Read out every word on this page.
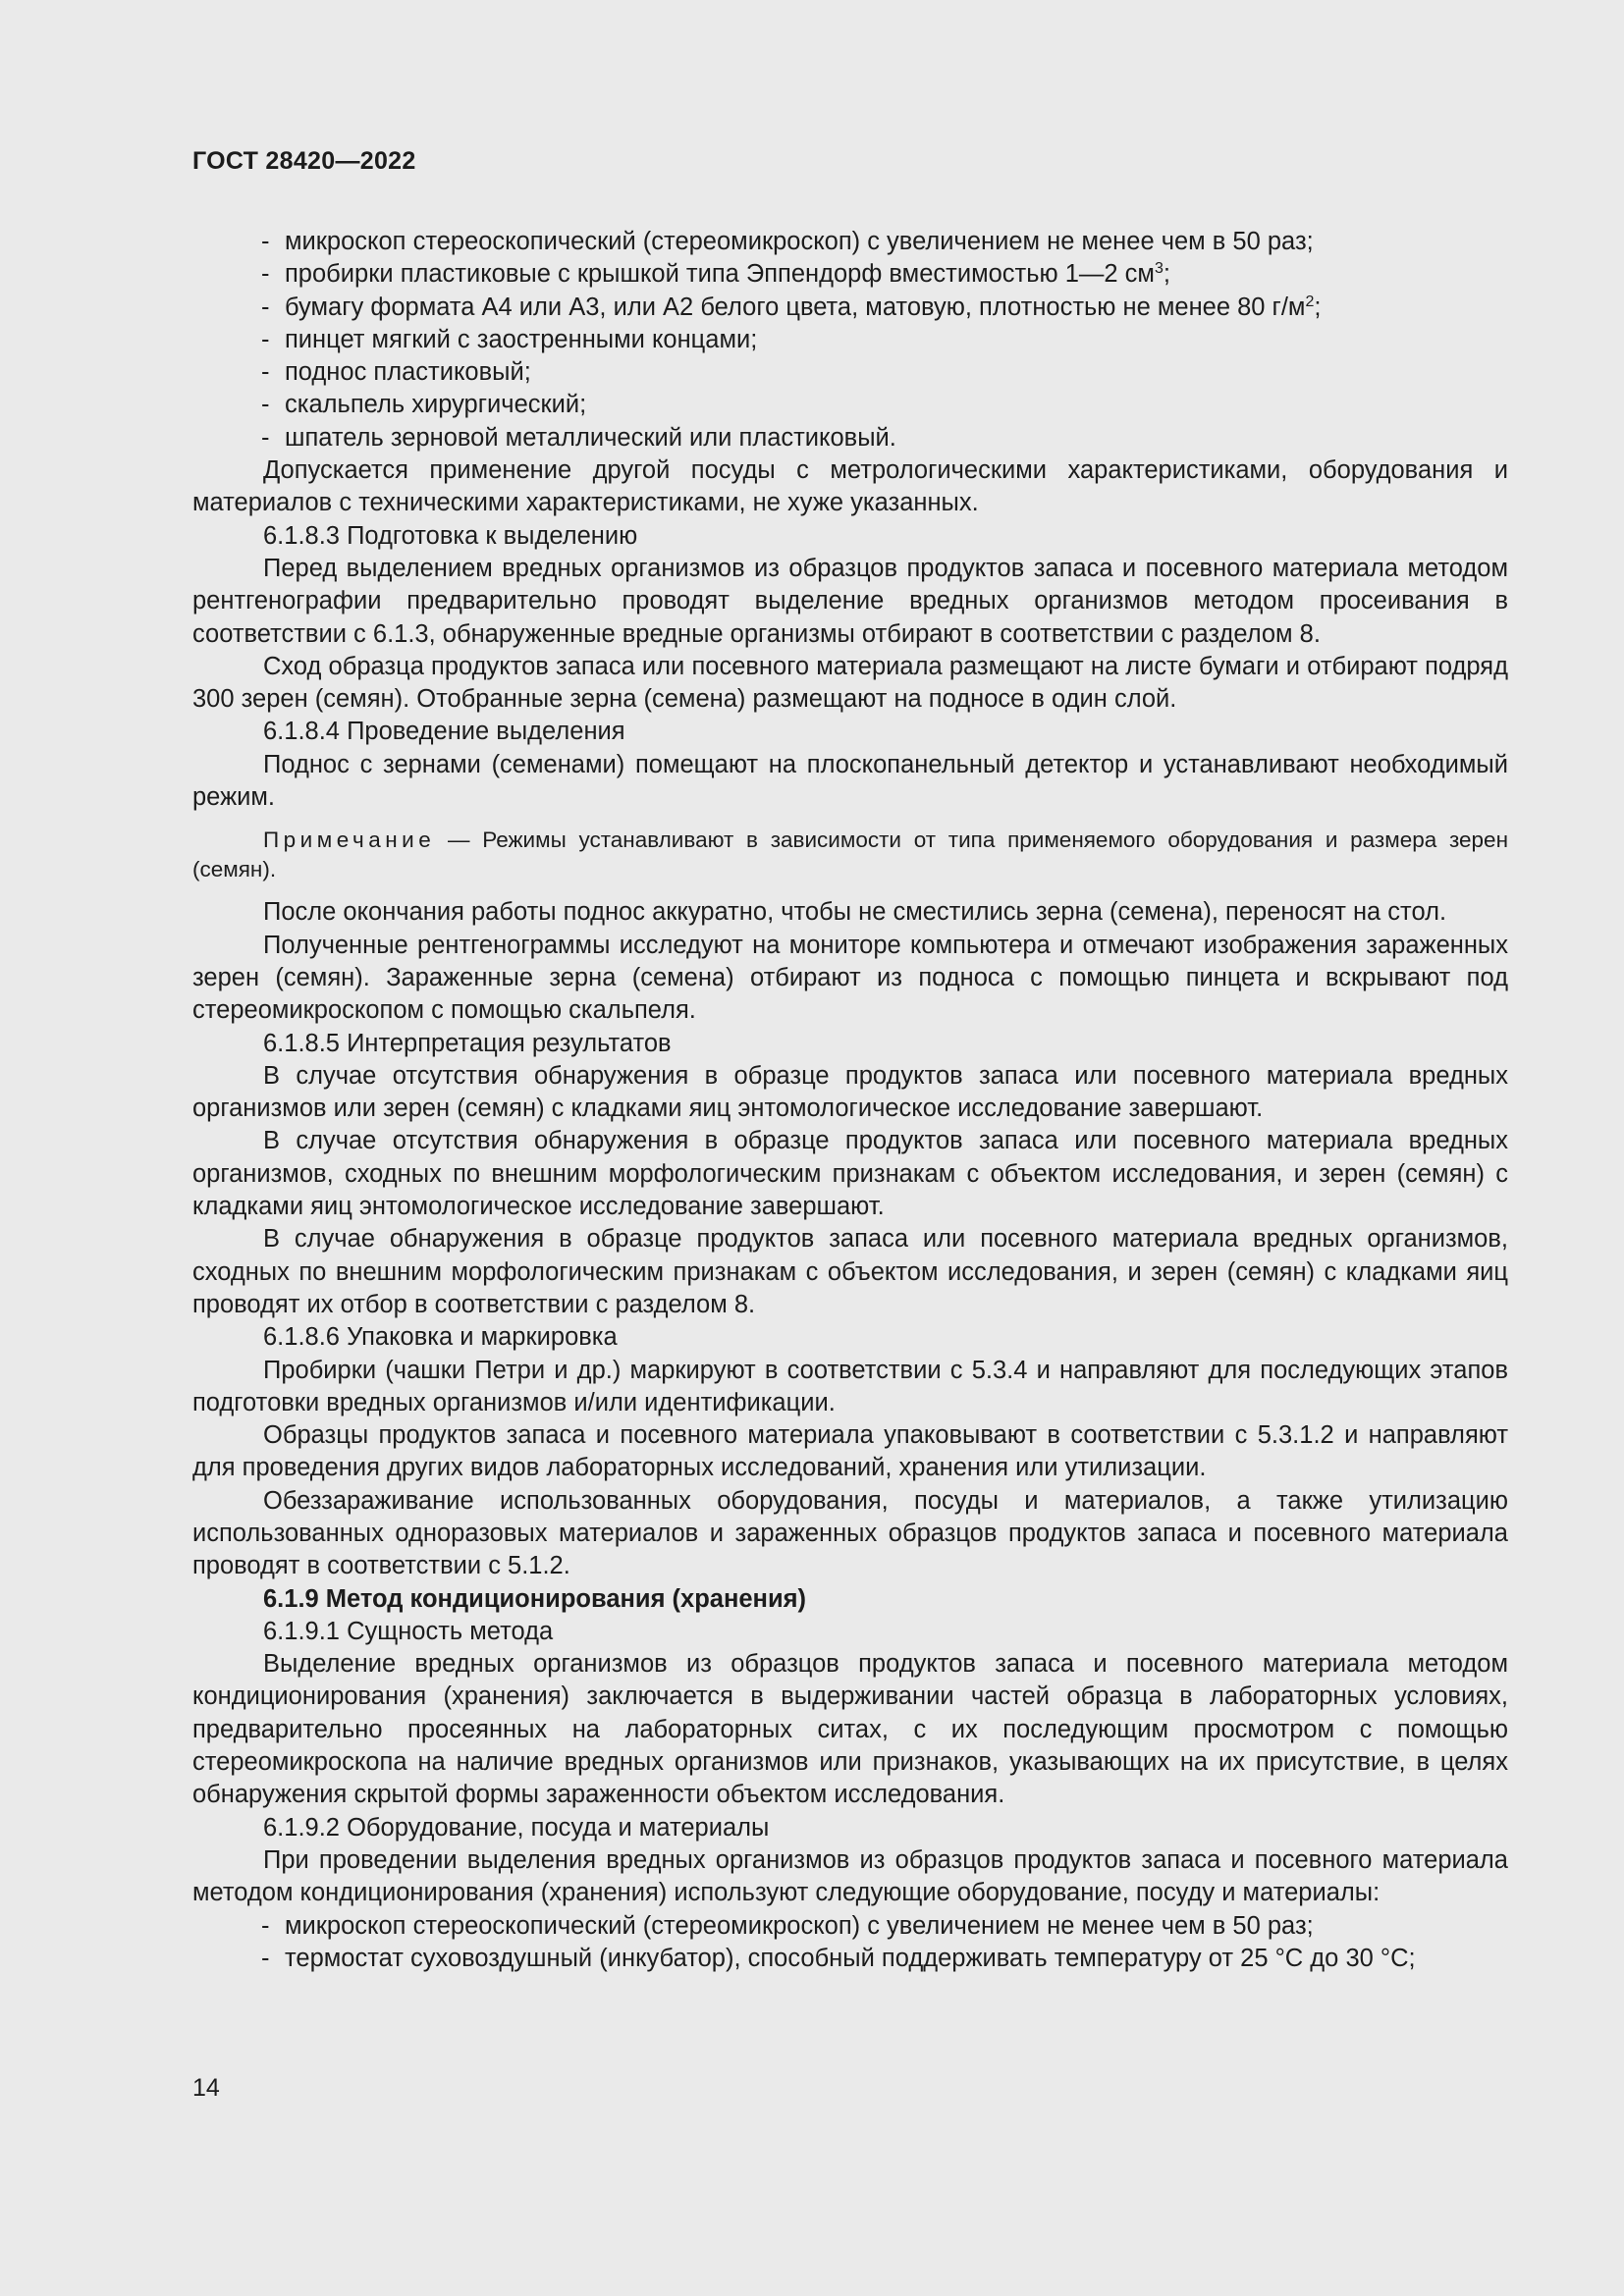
ГОСТ 28420—2022

- микроскоп стереоскопический (стереомикроскоп) с увеличением не менее чем в 50 раз;

- пробирки пластиковые с крышкой типа Эппендорф вместимостью 1—2 $см^3$;

- бумагу формата А4 или А3, или А2 белого цвета, матовую, плотностью не менее 80 $г/м^2$;

- пинцет мягкий с заостренными концами;

- поднос пластиковый;

- скальпель хирургический;

- шпатель зерновой металлический или пластиковый.

Допускается применение другой посуды с метрологическими характеристиками, оборудования и материалов с техническими характеристиками, не хуже указанных.

6.1.8.3 Подготовка к выделению

Перед выделением вредных организмов из образцов продуктов запаса и посевного материала методом рентгенографии предварительно проводят выделение вредных организмов методом просеивания в соответствии с 6.1.3, обнаруженные вредные организмы отбирают в соответствии с разделом 8.

Сход образца продуктов запаса или посевного материала размещают на листе бумаги и отбирают подряд 300 зерен (семян). Отобранные зерна (семена) размещают на подносе в один слой.

6.1.8.4 Проведение выделения

Поднос с зернами (семенами) помещают на плоскопанельный детектор и устанавливают необходимый режим.

Примечание — Режимы устанавливают в зависимости от типа применяемого оборудования и размера зерен (семян).

После окончания работы поднос аккуратно, чтобы не сместились зерна (семена), переносят на стол.

Полученные рентгенограммы исследуют на мониторе компьютера и отмечают изображения зараженных зерен (семян). Зараженные зерна (семена) отбирают из подноса с помощью пинцета и вскрывают под стереомикроскопом с помощью скальпеля.

6.1.8.5 Интерпретация результатов

В случае отсутствия обнаружения в образце продуктов запаса или посевного материала вредных организмов или зерен (семян) с кладками яиц энтомологическое исследование завершают.

В случае отсутствия обнаружения в образце продуктов запаса или посевного материала вредных организмов, сходных по внешним морфологическим признакам с объектом исследования, и зерен (семян) с кладками яиц энтомологическое исследование завершают.

В случае обнаружения в образце продуктов запаса или посевного материала вредных организмов, сходных по внешним морфологическим признакам с объектом исследования, и зерен (семян) с кладками яиц проводят их отбор в соответствии с разделом 8.

6.1.8.6 Упаковка и маркировка

Пробирки (чашки Петри и др.) маркируют в соответствии с 5.3.4 и направляют для последующих этапов подготовки вредных организмов и/или идентификации.

Образцы продуктов запаса и посевного материала упаковывают в соответствии с 5.3.1.2 и направляют для проведения других видов лабораторных исследований, хранения или утилизации.

Обеззараживание использованных оборудования, посуды и материалов, а также утилизацию использованных одноразовых материалов и зараженных образцов продуктов запаса и посевного материала проводят в соответствии с 5.1.2.

6.1.9 Метод кондиционирования (хранения)

6.1.9.1 Сущность метода

Выделение вредных организмов из образцов продуктов запаса и посевного материала методом кондиционирования (хранения) заключается в выдерживании частей образца в лабораторных условиях, предварительно просеянных на лабораторных ситах, с их последующим просмотром с помощью стереомикроскопа на наличие вредных организмов или признаков, указывающих на их присутствие, в целях обнаружения скрытой формы зараженности объектом исследования.

6.1.9.2 Оборудование, посуда и материалы

При проведении выделения вредных организмов из образцов продуктов запаса и посевного материала методом кондиционирования (хранения) используют следующие оборудование, посуду и материалы:

- микроскоп стереоскопический (стереомикроскоп) с увеличением не менее чем в 50 раз;

- термостат суховоздушный (инкубатор), способный поддерживать температуру от 25 °С до 30 °С;

14
